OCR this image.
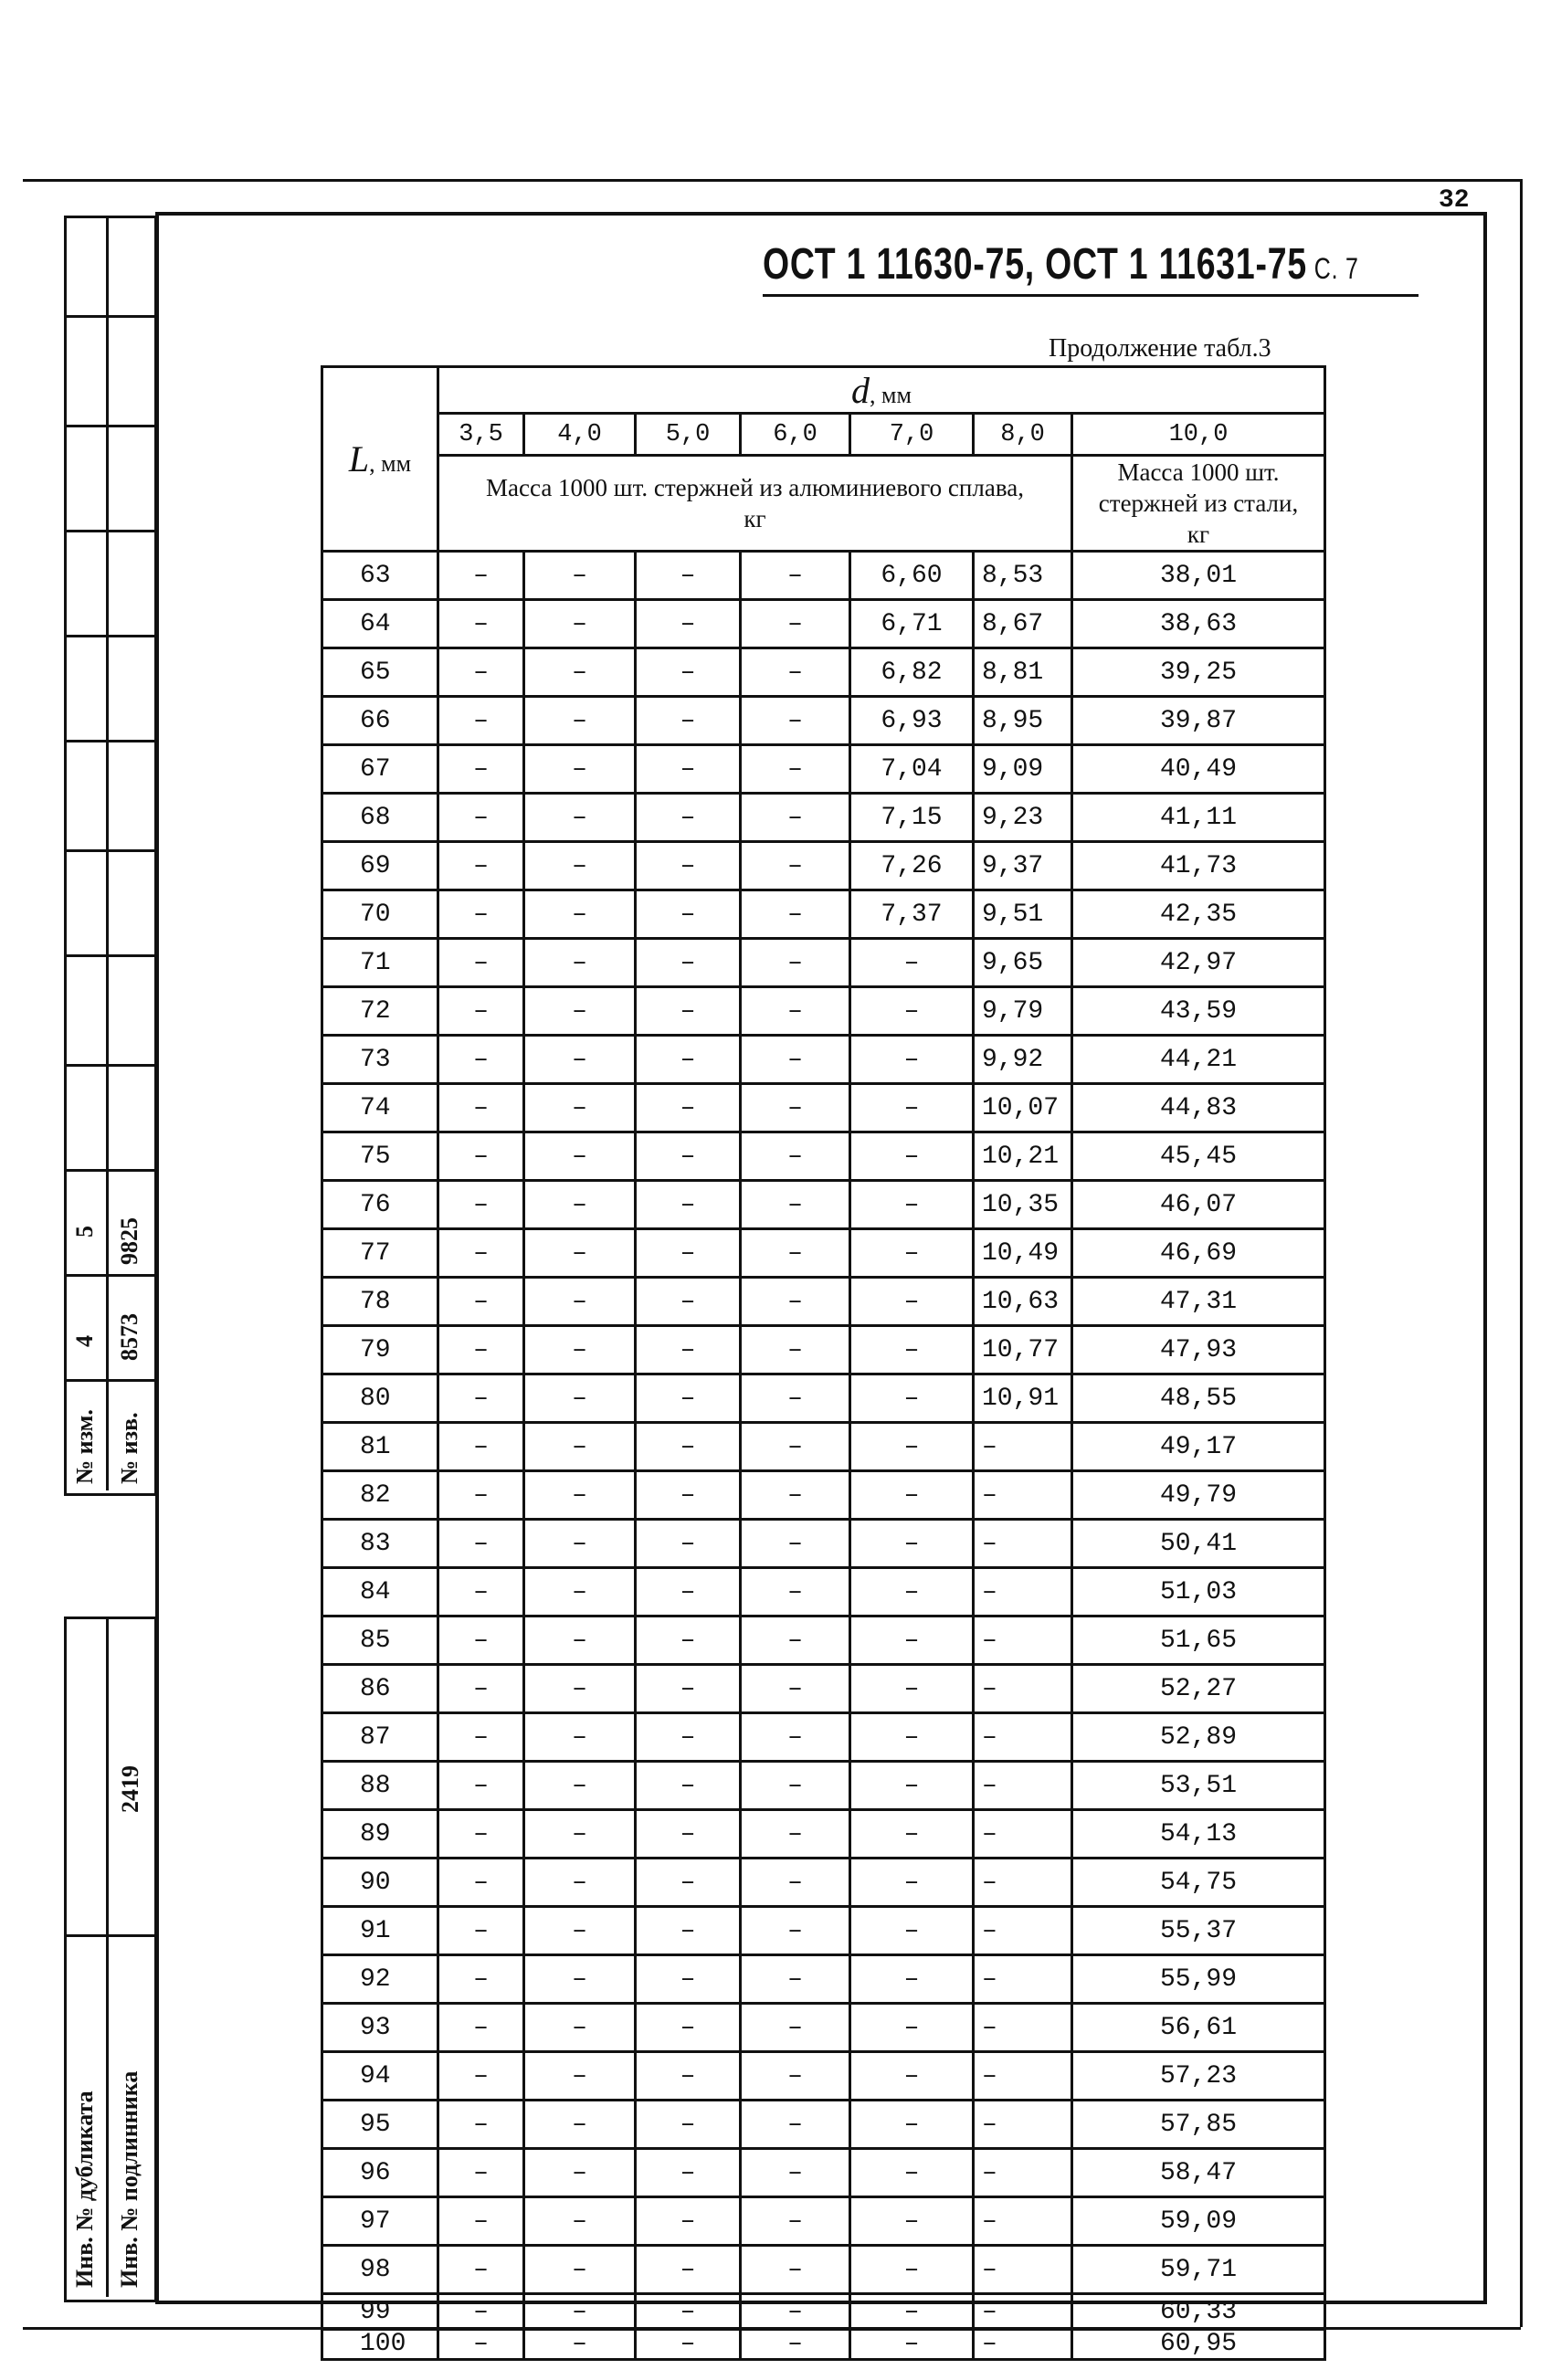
32
ОСТ 1 11630-75, ОСТ 1 11631-75 С. 7
Продолжение табл.3
№ изм. № изв.
4 8573
5 9825
Инв. № дубликата Инв. № подлинника
2419
L, мм	d, мм						
	3,5	4,0	5,0	6,0	7,0	8,0	10,0
	Масса 1000 шт. стержней из алюминиевого сплава, кг						Масса 1000 шт. стержней из стали, кг
63	–	–	–	–	6,60	8,53	38,01
64	–	–	–	–	6,71	8,67	38,63
65	–	–	–	–	6,82	8,81	39,25
66	–	–	–	–	6,93	8,95	39,87
67	–	–	–	–	7,04	9,09	40,49
68	–	–	–	–	7,15	9,23	41,11
69	–	–	–	–	7,26	9,37	41,73
70	–	–	–	–	7,37	9,51	42,35
71	–	–	–	–	–	9,65	42,97
72	–	–	–	–	–	9,79	43,59
73	–	–	–	–	–	9,92	44,21
74	–	–	–	–	–	10,07	44,83
75	–	–	–	–	–	10,21	45,45
76	–	–	–	–	–	10,35	46,07
77	–	–	–	–	–	10,49	46,69
78	–	–	–	–	–	10,63	47,31
79	–	–	–	–	–	10,77	47,93
80	–	–	–	–	–	10,91	48,55
81	–	–	–	–	–	–	49,17
82	–	–	–	–	–	–	49,79
83	–	–	–	–	–	–	50,41
84	–	–	–	–	–	–	51,03
85	–	–	–	–	–	–	51,65
86	–	–	–	–	–	–	52,27
87	–	–	–	–	–	–	52,89
88	–	–	–	–	–	–	53,51
89	–	–	–	–	–	–	54,13
90	–	–	–	–	–	–	54,75
91	–	–	–	–	–	–	55,37
92	–	–	–	–	–	–	55,99
93	–	–	–	–	–	–	56,61
94	–	–	–	–	–	–	57,23
95	–	–	–	–	–	–	57,85
96	–	–	–	–	–	–	58,47
97	–	–	–	–	–	–	59,09
98	–	–	–	–	–	–	59,71
99	–	–	–	–	–	–	60,33
100	–	–	–	–	–	–	60,95
